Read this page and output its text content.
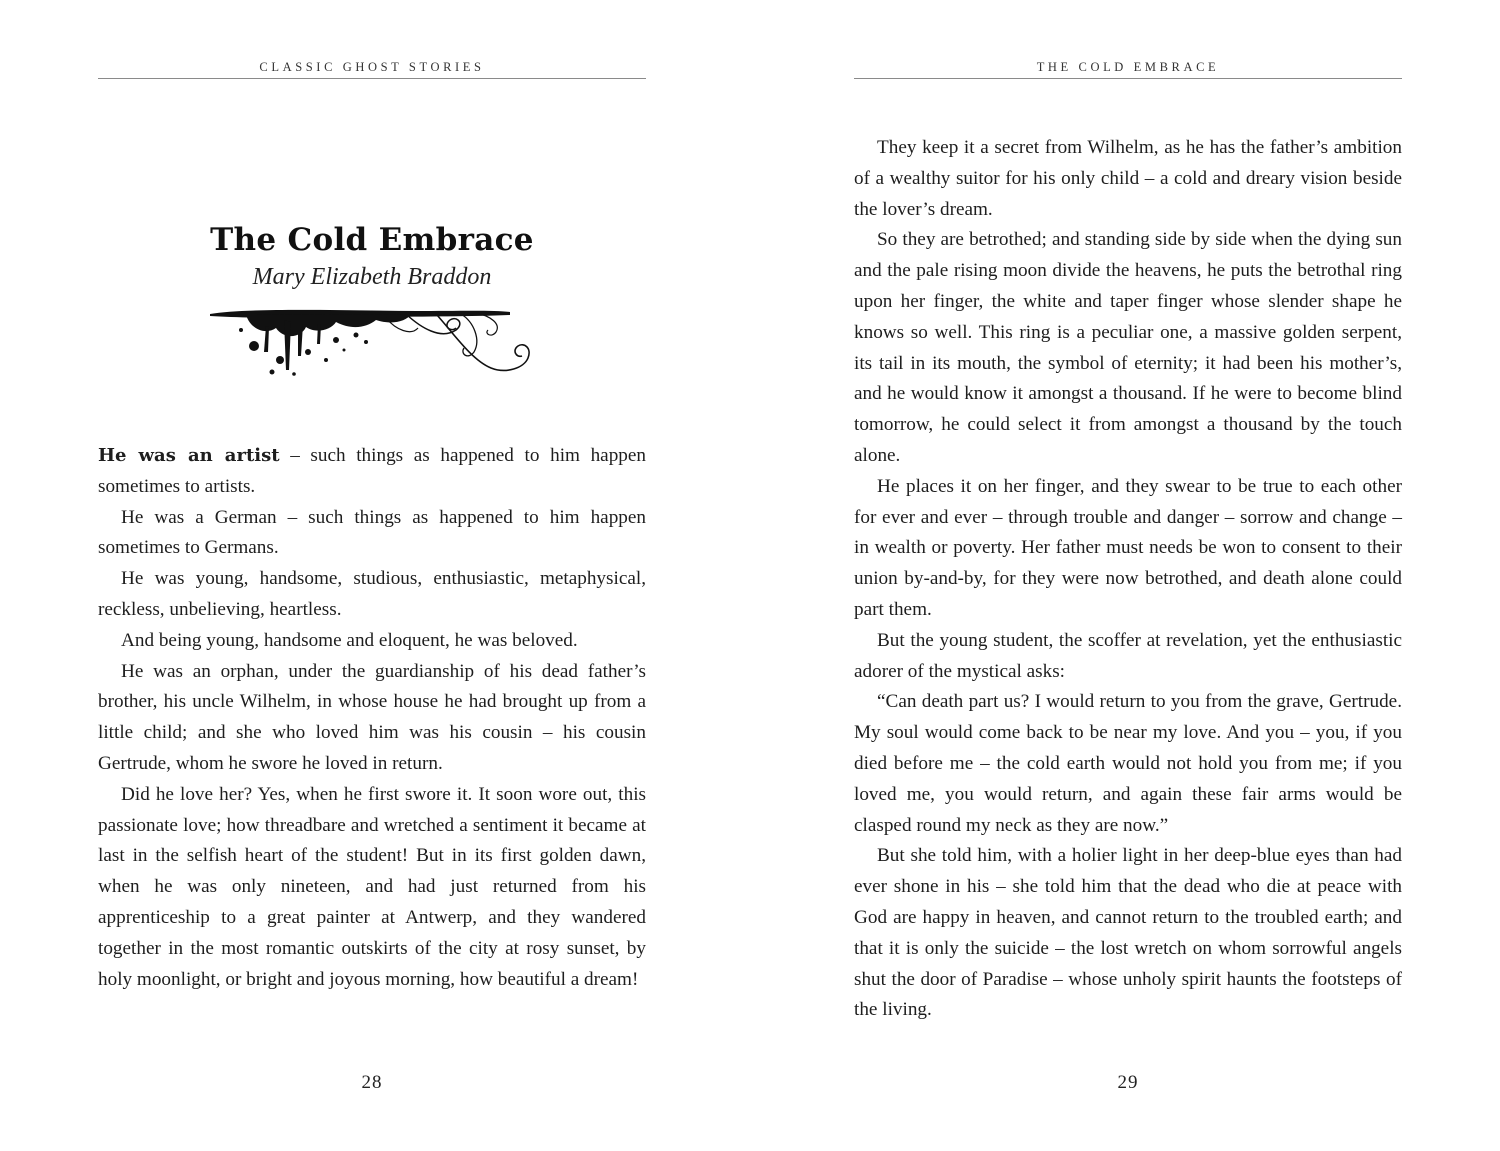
CLASSIC GHOST STORIES
The Cold Embrace
Mary Elizabeth Braddon

He was an artist – such things as happened to him happen sometimes to artists.

He was a German – such things as happened to him happen sometimes to Germans.

He was young, handsome, studious, enthusiastic, metaphysical, reckless, unbelieving, heartless.

And being young, handsome and eloquent, he was beloved.

He was an orphan, under the guardianship of his dead father’s brother, his uncle Wilhelm, in whose house he had brought up from a little child; and she who loved him was his cousin – his cousin Gertrude, whom he swore he loved in return.

Did he love her? Yes, when he first swore it. It soon wore out, this passionate love; how threadbare and wretched a sentiment it became at last in the selfish heart of the student! But in its first golden dawn, when he was only nineteen, and had just returned from his apprenticeship to a great painter at Antwerp, and they wandered together in the most romantic outskirts of the city at rosy sunset, by holy moonlight, or bright and joyous morning, how beautiful a dream!

28
THE COLD EMBRACE

They keep it a secret from Wilhelm, as he has the father’s ambition of a wealthy suitor for his only child – a cold and dreary vision beside the lover’s dream.

So they are betrothed; and standing side by side when the dying sun and the pale rising moon divide the heavens, he puts the betrothal ring upon her finger, the white and taper finger whose slender shape he knows so well. This ring is a peculiar one, a massive golden serpent, its tail in its mouth, the symbol of eternity; it had been his mother’s, and he would know it amongst a thousand. If he were to become blind tomorrow, he could select it from amongst a thousand by the touch alone.

He places it on her finger, and they swear to be true to each other for ever and ever – through trouble and danger – sorrow and change – in wealth or poverty. Her father must needs be won to consent to their union by-and-by, for they were now betrothed, and death alone could part them.

But the young student, the scoffer at revelation, yet the enthusiastic adorer of the mystical asks:

“Can death part us? I would return to you from the grave, Gertrude. My soul would come back to be near my love. And you – you, if you died before me – the cold earth would not hold you from me; if you loved me, you would return, and again these fair arms would be clasped round my neck as they are now.”

But she told him, with a holier light in her deep-blue eyes than had ever shone in his – she told him that the dead who die at peace with God are happy in heaven, and cannot return to the troubled earth; and that it is only the suicide – the lost wretch on whom sorrowful angels shut the door of Paradise – whose unholy spirit haunts the footsteps of the living.

29
